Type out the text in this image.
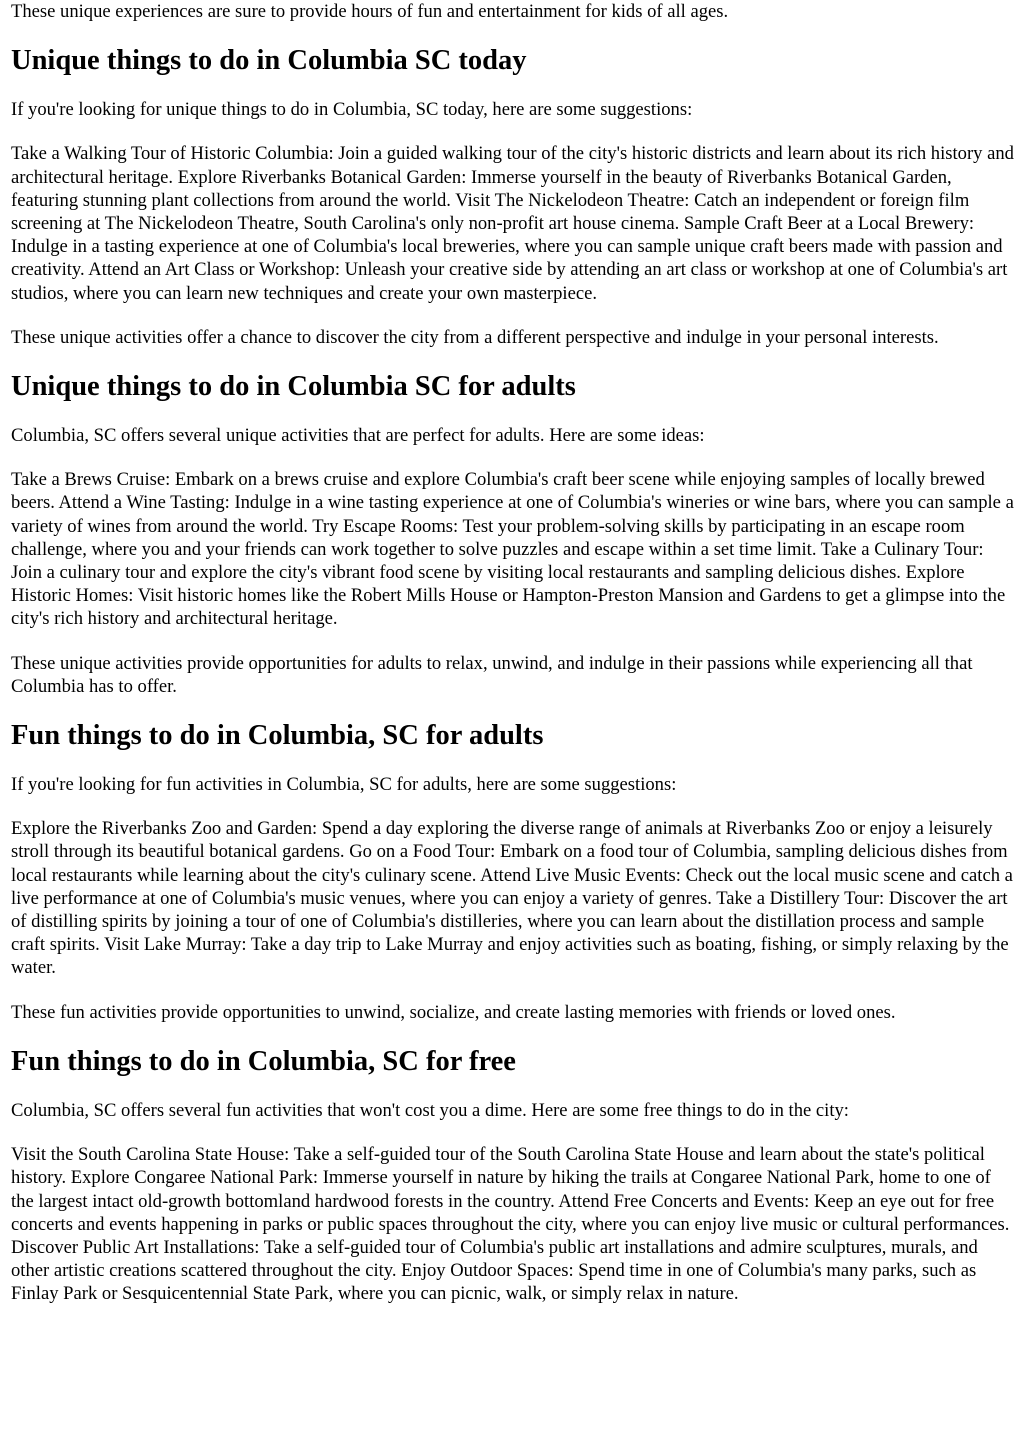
These unique experiences are sure to provide hours of fun and entertainment for kids of all ages.

Unique things to do in Columbia SC today

If you're looking for unique things to do in Columbia, SC today, here are some suggestions:

Take a Walking Tour of Historic Columbia: Join a guided walking tour of the city's historic districts and learn about its rich history and architectural heritage. Explore Riverbanks Botanical Garden: Immerse yourself in the beauty of Riverbanks Botanical Garden, featuring stunning plant collections from around the world. Visit The Nickelodeon Theatre: Catch an independent or foreign film screening at The Nickelodeon Theatre, South Carolina's only non-profit art house cinema. Sample Craft Beer at a Local Brewery: Indulge in a tasting experience at one of Columbia's local breweries, where you can sample unique craft beers made with passion and creativity. Attend an Art Class or Workshop: Unleash your creative side by attending an art class or workshop at one of Columbia's art studios, where you can learn new techniques and create your own masterpiece.

These unique activities offer a chance to discover the city from a different perspective and indulge in your personal interests.

Unique things to do in Columbia SC for adults

Columbia, SC offers several unique activities that are perfect for adults. Here are some ideas:

Take a Brews Cruise: Embark on a brews cruise and explore Columbia's craft beer scene while enjoying samples of locally brewed beers. Attend a Wine Tasting: Indulge in a wine tasting experience at one of Columbia's wineries or wine bars, where you can sample a variety of wines from around the world. Try Escape Rooms: Test your problem-solving skills by participating in an escape room challenge, where you and your friends can work together to solve puzzles and escape within a set time limit. Take a Culinary Tour: Join a culinary tour and explore the city's vibrant food scene by visiting local restaurants and sampling delicious dishes. Explore Historic Homes: Visit historic homes like the Robert Mills House or Hampton-Preston Mansion and Gardens to get a glimpse into the city's rich history and architectural heritage.

These unique activities provide opportunities for adults to relax, unwind, and indulge in their passions while experiencing all that Columbia has to offer.

Fun things to do in Columbia, SC for adults

If you're looking for fun activities in Columbia, SC for adults, here are some suggestions:

Explore the Riverbanks Zoo and Garden: Spend a day exploring the diverse range of animals at Riverbanks Zoo or enjoy a leisurely stroll through its beautiful botanical gardens. Go on a Food Tour: Embark on a food tour of Columbia, sampling delicious dishes from local restaurants while learning about the city's culinary scene. Attend Live Music Events: Check out the local music scene and catch a live performance at one of Columbia's music venues, where you can enjoy a variety of genres. Take a Distillery Tour: Discover the art of distilling spirits by joining a tour of one of Columbia's distilleries, where you can learn about the distillation process and sample craft spirits. Visit Lake Murray: Take a day trip to Lake Murray and enjoy activities such as boating, fishing, or simply relaxing by the water.

These fun activities provide opportunities to unwind, socialize, and create lasting memories with friends or loved ones.

Fun things to do in Columbia, SC for free

Columbia, SC offers several fun activities that won't cost you a dime. Here are some free things to do in the city:

Visit the South Carolina State House: Take a self-guided tour of the South Carolina State House and learn about the state's political history. Explore Congaree National Park: Immerse yourself in nature by hiking the trails at Congaree National Park, home to one of the largest intact old-growth bottomland hardwood forests in the country. Attend Free Concerts and Events: Keep an eye out for free concerts and events happening in parks or public spaces throughout the city, where you can enjoy live music or cultural performances. Discover Public Art Installations: Take a self-guided tour of Columbia's public art installations and admire sculptures, murals, and other artistic creations scattered throughout the city. Enjoy Outdoor Spaces: Spend time in one of Columbia's many parks, such as Finlay Park or Sesquicentennial State Park, where you can picnic, walk, or simply relax in nature.
